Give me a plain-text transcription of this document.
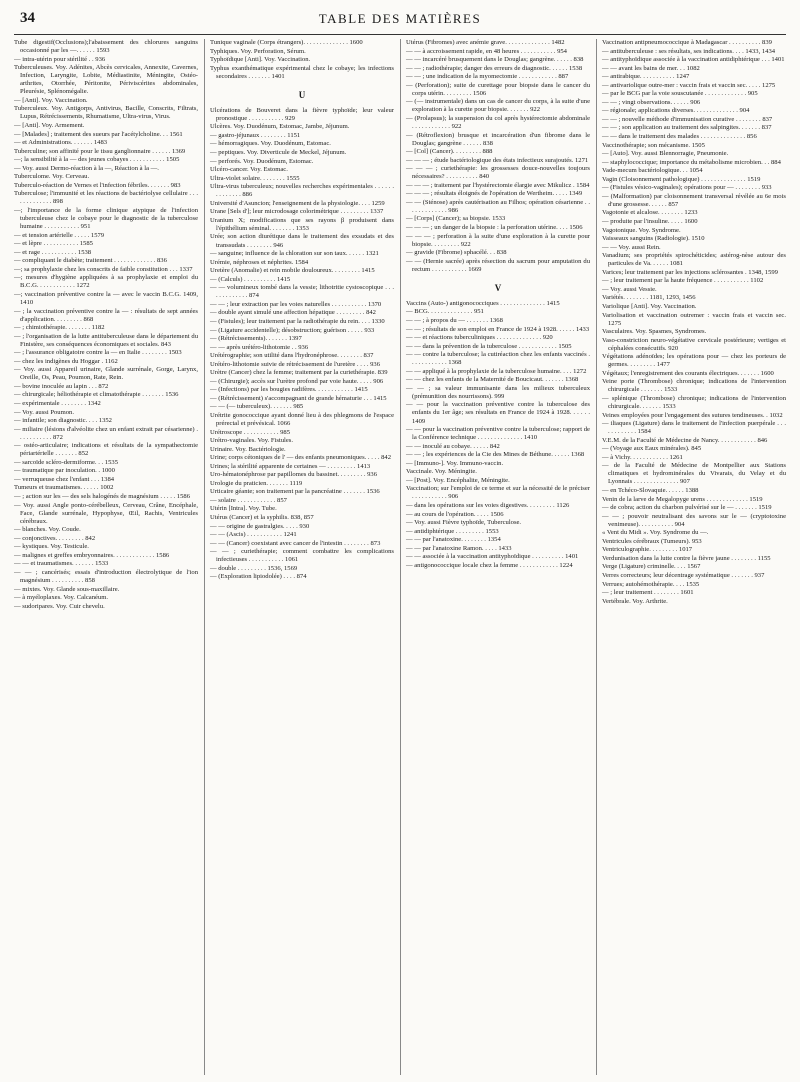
34	TABLE DES MATIÈRES
Tube digestif(Occlusions);l'abaissement des chlorures sanguins occasionné par les —. . . . . . 1593
— intra-utérin pour stérilité . . 936
Tuberculeuses. Voy. Adénites, Abcès cervicales, Annexite, Cavernes, Infection, Laryngite, Lobite, Médiastinite, Méningite, Ostéo-arthrites, Otorrhée, Péritonite, Périviscérites abdominales, Pleurésie, Splénomégalie.
— [Anti]. Voy. Vaccination.
Tuberculeux. Voy. Antigorps, Antivirus, Bacille, Conscrits, Filtrats, Lupus, Rétrécissements, Rhumatisme, Ultra-virus, Virus.
— [Anti]. Voy. Armement.
— [Malades] ; traitement des sueurs par l'acétylcholine. . . 1561
— et Administrations. . . . . . . 1483
Tuberculine; son affinité pour le tissu ganglionnaire . . . . . . 1369
—; la sensibilité à la — des jeunes cobayes . . . . . . . . . . . 1505
— Voy. aussi Dermo-réaction à la —, Réaction à la —.
Tuberculome. Voy. Cerveau.
Tuberculo-réaction de Vernes et l'infection fébriles. . . . . . . 983
Tuberculose; l'immunité et les réactions de bactériolyse cellulaire . . . . . . . . . . . . . 898
—; l'importance de la forme clinique atypique de l'infection tuberculeuse chez le cobaye pour le diagnostic de la tuberculose humaine . . . . . . . . . . . 951
— et tension artérielle . . . . . 1579
— et lèpre . . . . . . . . . . . 1585
— et rage . . . . . . . . . . . 1538
— compliquant le diabète; traitement . . . . . . . . . . . . . 836
—; sa prophylaxie chez les conscrits de faible constitution . . . 1337
—; mesures d'hygiène appliquées à sa prophylaxie et emploi du B.C.G. . . . . . . . . . . . 1272
—; vaccination préventive contre la — avec le vaccin B.C.G. 1409, 1410
— ; la vaccination préventive contre la — : résultats de sept années d'application. . . . . . . . . 868
— ; chimiothérapie. . . . . . . . 1182
— ; l'organisation de la lutte antituberculeuse dans le département du Finistère, ses conséquences économiques et sociales. 843
— ; l'assurance obligatoire contre la — en Italie . . . . . . . . 1503
— chez les indigènes du Hoggar . 1162
— Voy. aussi Appareil urinaire, Glande surrénale, Gorge, Larynx, Oreille, Os, Peau, Poumon, Rate, Rein.
— bovine inoculée au lapin . . . 872
— chirurgicale; héliothérapie et climatothérapie . . . . . . . 1536
— expérimentale . . . . . . . . 1342
— Voy. aussi Poumon.
— infantile; son diagnostic. . . . 1352
— miliaire (lésions d'alvéolite chez un enfant extrait par césarienne) . . . . . . . . . . . 872
— ostéo-articulaire; indications et résultats de la sympathectomie périartérielle . . . . . . . 852
— sarcoïde scléro-dermiforme. . . 1535
— traumatique par inoculation. . 1000
— verruqueuse chez l'enfant . . . 1384
Tumeurs et traumatismes. . . . . . 1002
— ; action sur les — des sels halogénés de magnésium . . . . . 1586
— Voy. aussi Angle ponto-cérébelleux, Cerveau, Crâne, Encéphale, Face, Glande surrénale, Hypophyse, Œil, Rachis, Ventricules cérébraux.
— blanches. Voy. Coude.
— conjonctives. . . . . . . . . 842
— kystiques. Voy. Testicule.
— malignes et greffes embryonnaires. . . . . . . . . . . . . 1586
— — et traumatismes. . . . . . . 1533
— — ; cancérisés; essais d'introduction électrolytique de l'ion magnésium . . . . . . . . . . 858
— mixtes. Voy. Glande sous-maxillaire.
— à myéloplaxes. Voy. Calcanéum.
— sudoripares. Voy. Cuir chevelu.
Tunique vaginale (Corps étrangers). . . . . . . . . . . . . . 1600
Typhiques. Voy. Perforation, Sérum.
Typhoïdique [Anti]. Voy. Vaccination.
Typhus exanthématique expérimental chez le cobaye; les infections secondaires . . . . . . . 1401
U
Ulcérations de Bouveret dans la fièvre typhoïde; leur valeur pronostique . . . . . . . . . . . 929
Ulcères. Voy. Duodénum, Estomac, Jambe, Jéjunum.
— gastro-jéjunaux . . . . . . . . 1151
— hémorragiques. Voy. Duodénum, Estomac.
— peptiques. Voy. Diverticule de Meckel, Jéjunum.
— perforés. Voy. Duodénum, Estomac.
Ulcéro-cancer. Voy. Estomac.
Ultra-violet solaire. . . . . . . . 1555
Ultra-virus tuberculeux; nouvelles recherches expérimentales . . . . . . . . . . . . . . 886
Université d'Asuncion; l'enseignement de la physiologie. . . . 1259
Urane [Sels d']; leur microdosage colorimétrique . . . . . . . . . 1337
Uranium X; modifications que ses rayons β produisent dans l'épithélium séminal. . . . . . . . 1353
Urée; son action diurétique dans le traitement des exsudats et des transsudats . . . . . . . . 946
— sanguine; influence de la chloration sur son taux. . . . . . 1321
Urémie, néphroses et néphrites. 1584
Uretère (Anomalie) et rein mobile douloureux. . . . . . . . . 1415
— (Calculs) . . . . . . . . . . 1415
— — volumineux tombé dans la vessie; lithotritie cystoscopique . . . . . . . . . . . . . 874
— — ; leur extraction par les voies naturelles . . . . . . . . . . . 1370
— double ayant simulé une affection hépatique . . . . . . . . . 842
— (Fistules); leur traitement par la radiothérapie du rein. . . . 1330
— (Ligature accidentelle); désobstruction; guérison . . . . . 933
— (Rétrécissements). . . . . . . 1397
— — après urétéro-lithotomie . . 936
Urétérographie; son utilité dans l'hydronéphrose. . . . . . . . 837
Urétéro-lithotomie suivie de rétrécissement de l'uretère . . . . 936
Urètre (Cancer) chez la femme; traitement par la curiethérapie. 839
— (Chirurgie); accès sur l'urètre profond par voie haute. . . . . 906
— (Infections) par les bougies radifères. . . . . . . . . . . . 1415
— (Rétrécissement) s'accompagnant de grande hématurie . . . 1415
— — (— tuberculeux). . . . . . . 985
Urétrite gonococcique ayant donné lieu à des phlegmons de l'espace prérectal et prévésical. 1066
Urétroscope . . . . . . . . . . . 985
Urétro-vaginales. Voy. Fistules.
Urinaire. Voy. Bactériologie.
Urine; corps cétoniques de l' — des enfants pneumoniques. . . . . 842
Urines; la stérilité apparente de certaines — . . . . . . . . . 1413
Uro-hématonéphrose par papillomes du bassinet. . . . . . . . . 936
Urologie du praticien. . . . . . . 1119
Urticaire géante; son traitement par la pancréatine . . . . . . . 1536
— solaire . . . . . . . . . . . . 857
Utérin [Intra]. Voy. Tube.
Utérus (Cancer) et la syphilis. 838, 857
— — origine de gastralgies. . . . . 930
— — (Ascis) . . . . . . . . . . . 1241
— — (Cancer) coexistant avec cancer de l'intestin . . . . . . . . 873
— — ; curiethérapie; comment combattre les complications infectieuses . . . . . . . . . . . 1061
— double . . . . . . . . . 1536, 1569
— (Exploration lipiodolée) . . . . 874
Utérus (Fibromes) avec anémie grave. . . . . . . . . . . . . . 1482
— — à accroissement rapide, en 48 heures . . . . . . . . . . . 954
— — incarcéré brusquement dans le Douglas; gangrène. . . . . . 838
— — ; radiothérapie; danger des erreurs de diagnostic. . . . . . 1538
— — ; une indication de la myomectomie . . . . . . . . . . . . 887
— (Perforation); suite de curettage pour biopsie dans le cancer du corps utérin. . . . . . . . . 1506
— (— instrumentale) dans un cas de cancer du corps, à la suite d'une exploration à la curette pour biopsie. . . . . . . 922
— (Prolapsus); la suspension du col après hystérectomie abdominale . . . . . . . . . . . . 922
— (Rétroflexion) brusque et incarcération d'un fibrome dans le Douglas; gangrène . . . . . . 838
— [Col] (Cancer). . . . . . . . . 888
— — — ; étude bactériologique des états infectieux surajoutés. 1271
— — — ; curiethérapie: les grossesses douce-nouvelles toujours nécessaires? . . . . . . . . . . 840
— — — ; traitement par l'hystérectomie élargie avec Mikulicz . 1584
— — — ; résultats éloignés de l'opération de Wertheim. . . . . 1349
— — (Sténose) après cautérisation au Filhos; opération césarienne . . . . . . . . . . . . . 986
— [Corps] (Cancer); sa biopsie. 1533
— — — ; un danger de la biopsie : la perforation utérine. . . . 1506
— — — ; perforation à la suite d'une exploration à la curette pour biopsie. . . . . . . . . 922
— gravide (Fibrome) sphacélé. . . 838
— — (Hernie sacrée) après résection du sacrum pour amputation du rectum . . . . . . . . . . . 1669
V
Vaccins (Auto-) antigonococciques . . . . . . . . . . . . . . 1415
— BCG. . . . . . . . . . . . . . 951
— — ; à propos du — . . . . . . . 1368
— — ; résultats de son emploi en France de 1924 à 1928. . . . . . 1433
— — et réactions tuberculiniques . . . . . . . . . . . . . . 920
— — dans la prévention de la tuberculose . . . . . . . . . . . . 1505
— — contre la tuberculose; la cutiréaction chez les enfants vaccinés . . . . . . . . . . . . 1368
— — appliqué à la prophylaxie de la tuberculose humaine. . . . 1272
— — chez les enfants de la Maternité de Boucicaut. . . . . . . 1368
— — ; sa valeur immunisante dans les milieux tuberculeux (prémunition des nourrissons). 999
— — pour la vaccination préventive contre la tuberculose des enfants du 1er âge; ses résultats en France de 1924 à 1928. . . . . . 1409
— — pour la vaccination préventive contre la tuberculose; rapport de la Conférence technique . . . . . . . . . . . . . . 1410
— — inoculé au cobaye. . . . . . 842
— — ; les expériences de la Cie des Mines de Béthune. . . . . . 1368
— [Immuno-]. Voy. Immuno-vaccin.
Vaccinale. Voy. Méningite.
— [Post]. Voy. Encéphalite, Méningite.
Vaccination; sur l'emploi de ce terme et sur la nécessité de le préciser . . . . . . . . . . . 906
— dans les opérations sur les voies digestives. . . . . . . . . 1126
— au cours de l'opération. . . . . 1506
— Voy. aussi Fièvre typhoïde, Tuberculose.
— antidiphtérique . . . . . . . . . 1553
— — par l'anatoxine. . . . . . . . 1354
— — par l'anatoxine Ramon. . . . . 1433
— — associée à la vaccination antityphoïdique . . . . . . . . . . 1401
— antigonococcique locale chez la femme . . . . . . . . . . . . 1224
Vaccination antipneumococcique à Madagascar . . . . . . . . . . 839
— antituberculeuse : ses résultats, ses indications. . . . 1433, 1434
— antityphoïdique associée à la vaccination antidiphtérique . . . 1401
— — avant les bains de mer. . . 1082
— antirabique. . . . . . . . . . . 1247
— antivariolique outre-mer : vaccin frais et vaccin sec. . . . . 1275
— par le BCG par la voie souscutanée . . . . . . . . . . . . . 905
— — ; vingt observations. . . . . . 906
— régionale; applications diverses. . . . . . . . . . . . . . 904
— — ; nouvelle méthode d'immunisation curative . . . . . . . . 837
— — ; son application au traitement des salpingites. . . . . . . 837
— — dans le traitement des malades . . . . . . . . . . . . . . 856
Vaccinothérapie; son mécanisme. 1505
— [Auto]. Voy. aussi Blennorragie, Pneumonie.
— staphylococcique; importance du métabolisme microbien. . . 884
Vade-mecum bactériologique. . . 1054
Vagin (Cloisonnement pathologique) . . . . . . . . . . . . . . 1519
— (Fistules vésico-vaginales); opérations pour — . . . . . . . . 933
— (Malformation) par cloisonnement transversal révélée au 6e mois d'une grossesse. . . . . . 857
Vagotonie et alcalose. . . . . . . . 1233
— produite par l'insuline. . . . . 1600
Vagotonique. Voy. Syndrome.
Vaisseaux sanguins (Radiologie). 1510
— — Voy. aussi Rein.
Vanadium; ses propriétés spirochéticides; astérog-nèse autour des particules de Va. . . . . . 1081
Varices; leur traitement par les injections sclérosantes . 1348, 1599
— ; leur traitement par la haute fréquence . . . . . . . . . . . 1102
— Voy. aussi Vessie.
Variétés. . . . . . . . 1181, 1293, 1456
Variolique [Anti]. Voy. Vaccination.
Variolisation et vaccination outremer : vaccin frais et vaccin sec. 1275
Vasculaires. Voy. Spasmes, Syndromes.
Vaso-constriction neuro-végétative cervicale postérieure; vertiges et céphalées consécutifs. 920
Végétations adénoïdes; les opérations pour — chez les porteurs de germes. . . . . . . . . 1477
Végétaux; l'enregistrement des courants électriques. . . . . . . 1600
Veine porte (Thrombose) chronique; indications de l'intervention chirurgicale . . . . . . . 1533
— splénique (Thrombose) chronique; indications de l'intervention chirurgicale. . . . . . . 1533
Veines employées pour l'engagement des sutures tendineuses. . 1032
— iliaques (Ligature) dans le traitement de l'infection puerpérale . . . . . . . . . . . . 1584
V.E.M. de la Faculté de Médecine de Nancy. . . . . . . . . . . . 846
— (Voyage aux Eaux minérales). 845
— à Vichy. . . . . . . . . . . . 1261
— de la Faculté de Médecine de Montpellier aux Stations climatiques et hydrominérales du Vivarais, du Velay et du Lyonnais . . . . . . . . . . . . . . 907
— en Tchéco-Slovaquie. . . . . . 1388
Venin de la larve de Megalopyge urens . . . . . . . . . . . . . 1519
— de cobra; action du charbon pulvérisé sur le — . . . . . . . 1519
— — ; pouvoir neutralisant des savons sur le — (cryptotoxine venimeuse). . . . . . . . . . . 904
« Vent du Midi ». Voy. Syndrome du —.
Ventricules cérébraux (Tumeurs). 953
Ventriculographie. . . . . . . . . 1017
Verdunisation dans la lutte contre la fièvre jaune . . . . . . . . 1155
Verge (Ligature) criminelle. . . . 1567
Verres correcteurs; leur décentrage systématique . . . . . . . 937
Verrues; autohémothérapie. . . . 1535
— ; leur traitement . . . . . . . . 1601
Vertébrale. Voy. Arthrite.
